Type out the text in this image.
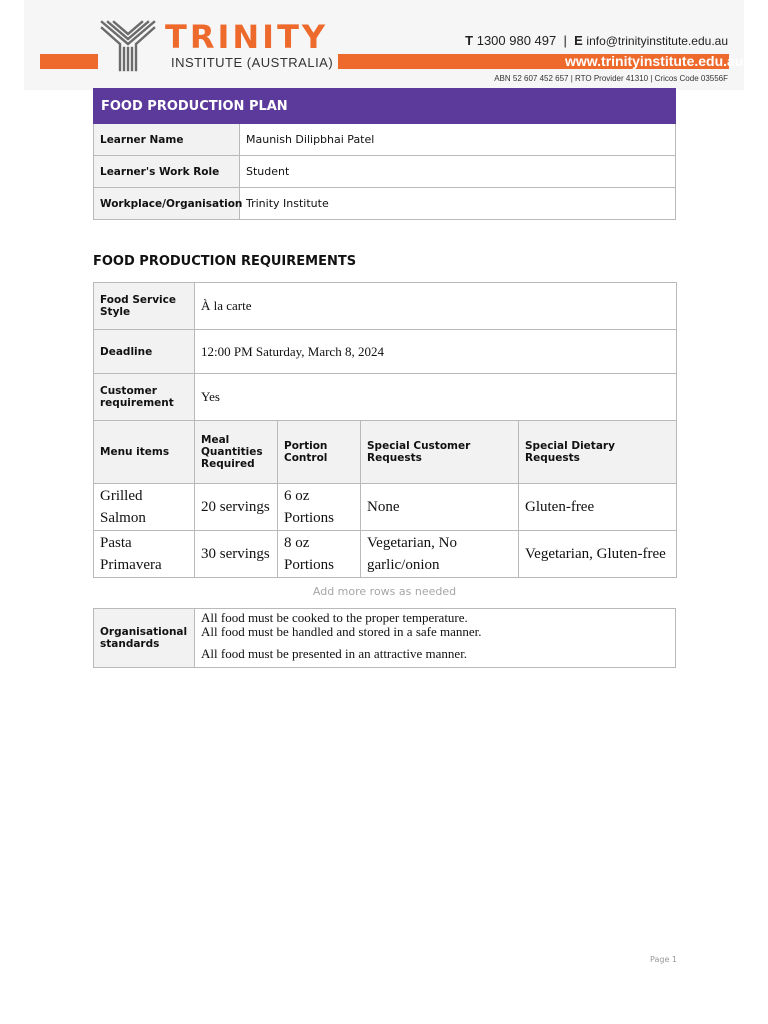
TRINITY
INSTITUTE (AUSTRALIA)
T 1300 980 497 | E info@trinityinstitute.edu.au
www.trinityinstitute.edu.au
ABN 52 607 452 657 | RTO Provider 41310 | Cricos Code 03556F
FOOD PRODUCTION PLAN	
Learner Name	Maunish Dilipbhai Patel
Learner's Work Role	Student
Workplace/Organisation	Trinity Institute
FOOD PRODUCTION REQUIREMENTS
Food Service Style	À la carte			
Deadline	12:00 PM Saturday, March 8, 2024			
Customer requirement	Yes			
Menu items	Meal Quantities Required	Portion Control	Special Customer Requests	Special Dietary Requests
Grilled Salmon	20 servings	6 oz Portions	None	Gluten-free
Pasta Primavera	30 servings	8 oz Portions	Vegetarian, No garlic/onion	Vegetarian, Gluten-free
Add more rows as needed
Organisational standards	
All food must be cooked to the proper temperature.
All food must be handled and stored in a safe manner.
All food must be presented in an attractive manner.
Page 1
